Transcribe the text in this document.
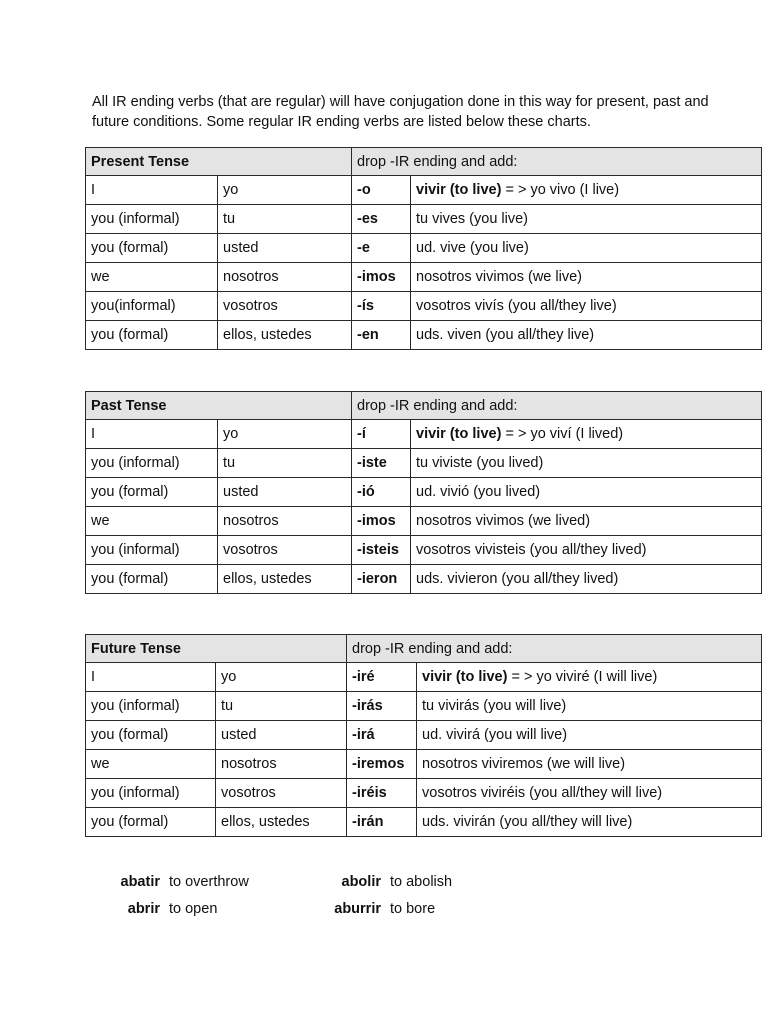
All IR ending verbs (that are regular) will have conjugation done in this way for present, past and future conditions. Some regular IR ending verbs are listed below these charts.

Present Tense		drop -IR ending and add:	
I	yo	-o	vivir (to live) = > yo vivo (I live)
you (informal)	tu	-es	tu vives (you live)
you (formal)	usted	-e	ud. vive (you live)
we	nosotros	-imos	nosotros vivimos (we live)
you(informal)	vosotros	-ís	vosotros vivís (you all/they live)
you (formal)	ellos, ustedes	-en	uds. viven (you all/they live)
Past Tense		drop -IR ending and add:	
I	yo	-í	vivir (to live) = > yo viví (I lived)
you (informal)	tu	-iste	tu viviste (you lived)
you (formal)	usted	-ió	ud. vivió (you lived)
we	nosotros	-imos	nosotros vivimos (we lived)
you (informal)	vosotros	-isteis	vosotros vivisteis (you all/they lived)
you (formal)	ellos, ustedes	-ieron	uds. vivieron (you all/they lived)
Future Tense		drop -IR ending and add:	
I	yo	-iré	vivir (to live) = > yo viviré (I will live)
you (informal)	tu	-irás	tu vivirás (you will live)
you (formal)	usted	-irá	ud. vivirá (you will live)
we	nosotros	-iremos	nosotros viviremos (we will live)
you (informal)	vosotros	-iréis	vosotros viviréis (you all/they will live)
you (formal)	ellos, ustedes	-irán	uds. vivirán (you all/they will live)
abatir	to overthrow	abolir	to abolish
abrir	to open	aburrir	to bore
